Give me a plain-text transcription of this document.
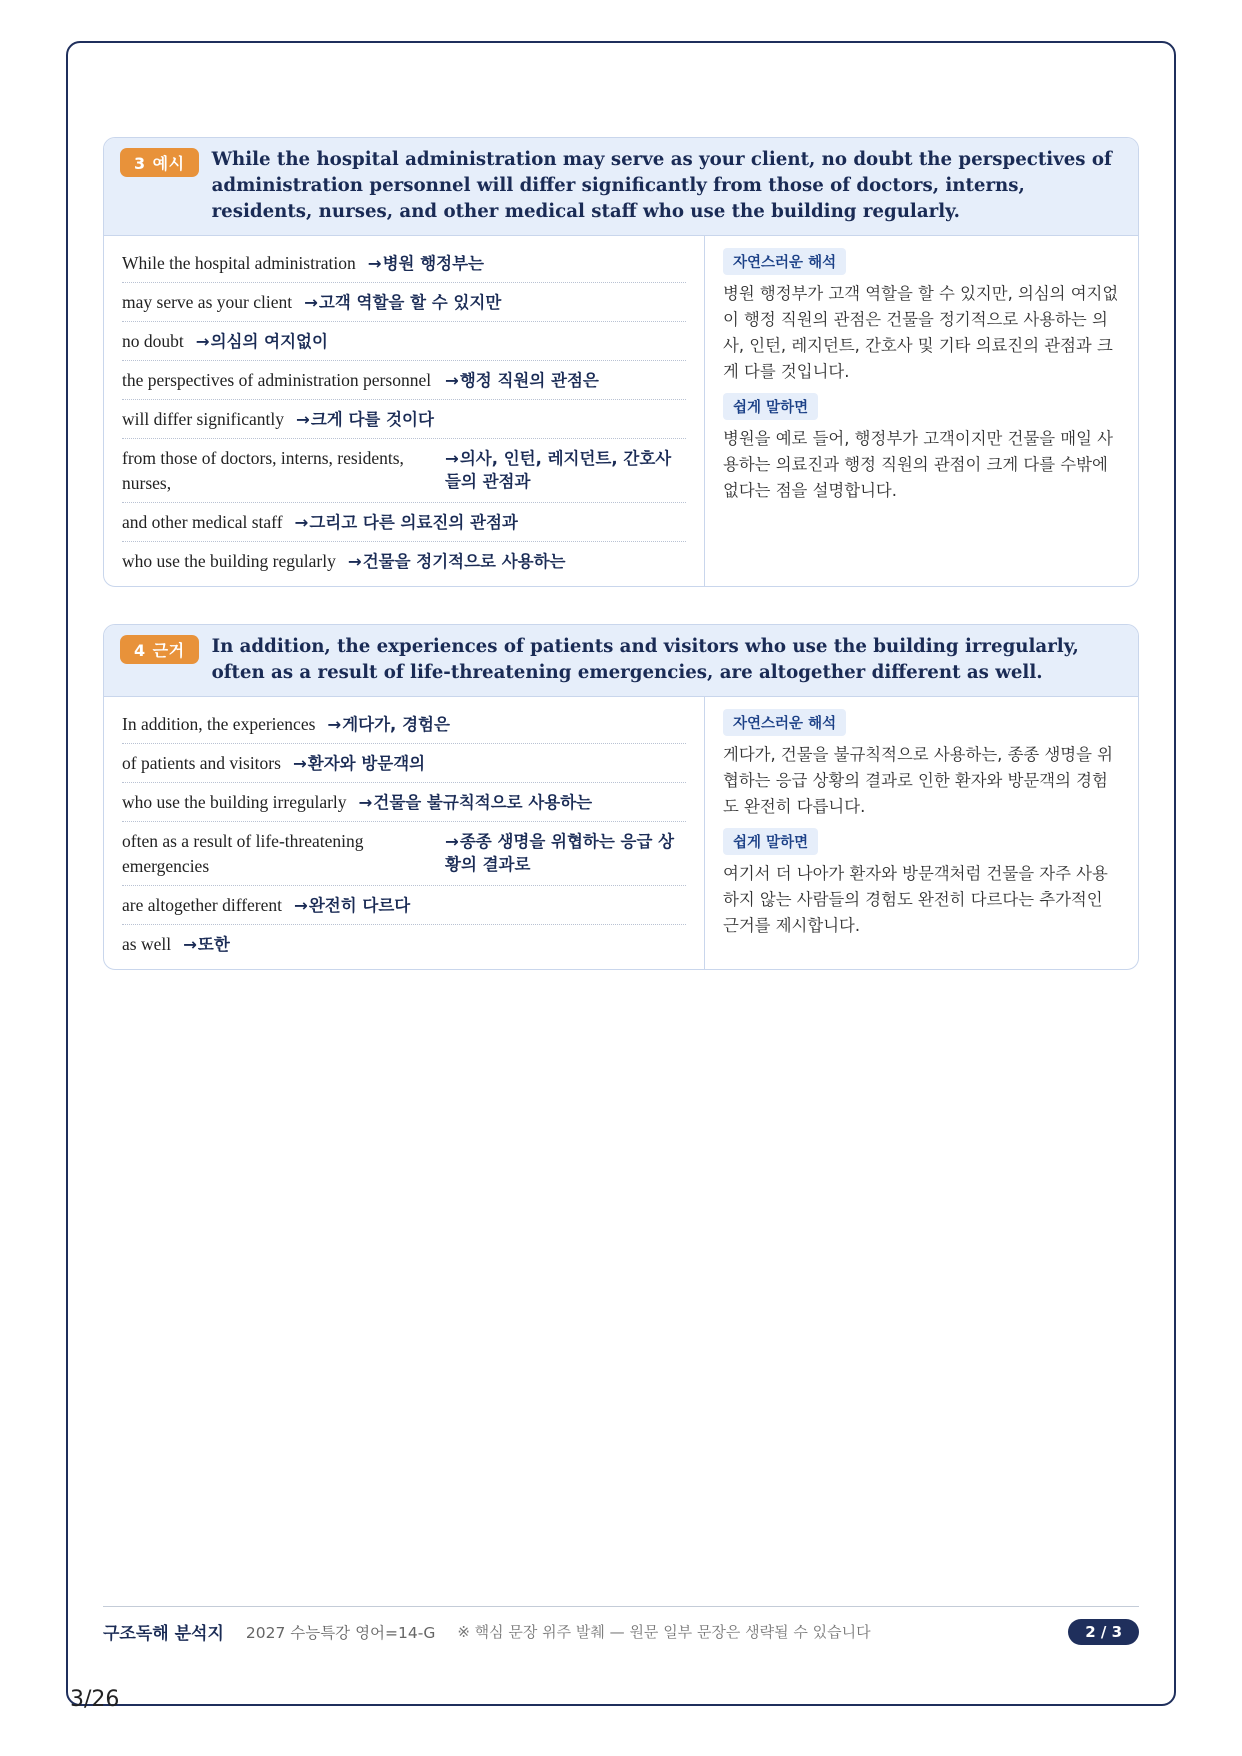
3 예시	While the hospital administration may serve as your client, no doubt the perspectives of administration personnel will differ significantly from those of doctors, interns, residents, nurses, and other medical staff who use the building regularly.
While the hospital administration →병원 행정부는
may serve as your client →고객 역할을 할 수 있지만
no doubt →의심의 여지없이
the perspectives of administration personnel →행정 직원의 관점은
will differ significantly →크게 다를 것이다
from those of doctors, interns, residents, nurses,
→의사, 인턴, 레지던트, 간호사들의 관점과
and other medical staff →그리고 다른 의료진의 관점과
who use the building regularly →건물을 정기적으로 사용하는
자연스러운 해석
병원 행정부가 고객 역할을 할 수 있지만, 의심의 여지없이 행정 직원의 관점은 건물을 정기적으로 사용하는 의사, 인턴, 레지던트, 간호사 및 기타 의료진의 관점과 크게 다를 것입니다.
쉽게 말하면
병원을 예로 들어, 행정부가 고객이지만 건물을 매일 사용하는 의료진과 행정 직원의 관점이 크게 다를 수밖에 없다는 점을 설명합니다.
4 근거	In addition, the experiences of patients and visitors who use the building irregularly, often as a result of life-threatening emergencies, are altogether different as well.
In addition, the experiences →게다가, 경험은
of patients and visitors →환자와 방문객의
who use the building irregularly →건물을 불규칙적으로 사용하는
often as a result of life-threatening emergencies
→종종 생명을 위협하는 응급 상황의 결과로
are altogether different →완전히 다르다
as well →또한
자연스러운 해석
게다가, 건물을 불규칙적으로 사용하는, 종종 생명을 위협하는 응급 상황의 결과로 인한 환자와 방문객의 경험도 완전히 다릅니다.
쉽게 말하면
여기서 더 나아가 환자와 방문객처럼 건물을 자주 사용하지 않는 사람들의 경험도 완전히 다르다는 추가적인 근거를 제시합니다.
구조독해 분석지 2027 수능특강 영어=14-G ※ 핵심 문장 위주 발췌 — 원문 일부 문장은 생략될 수 있습니다	2 / 3
3/26
